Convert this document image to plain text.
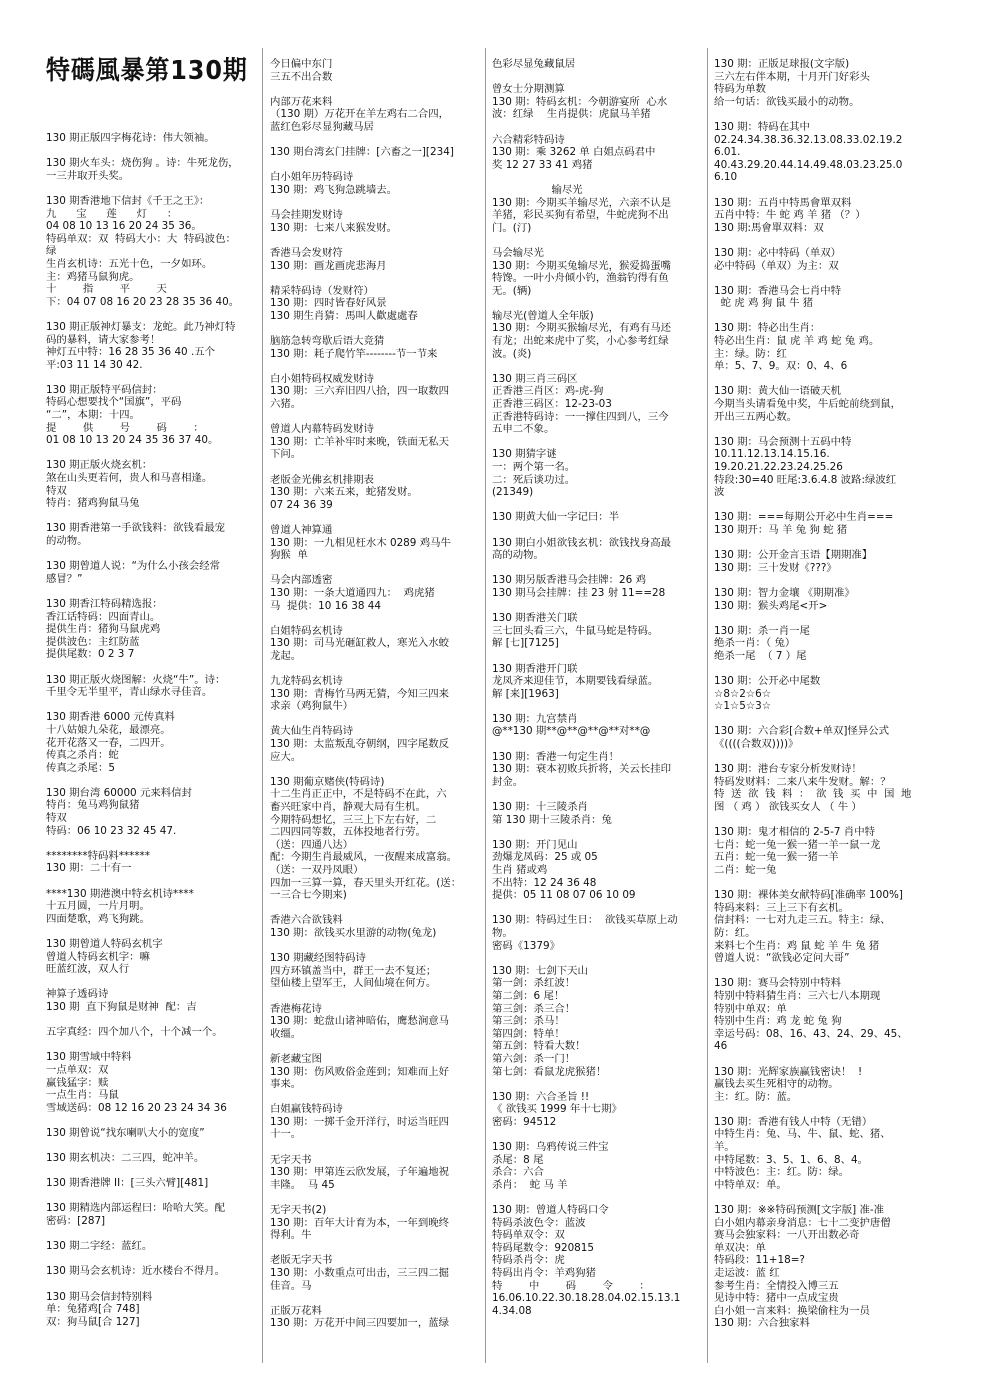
特碼風暴第130期
130 期正版四字梅花诗：伟大领袖。
130 期火车头：烧伤狗 。诗：牛死龙伤，
一三井取开头奖。
130 期香港地下信封《千王之王》：
九      宝      莲      灯      ：
04 08 10 13 16 20 24 35 36。
特码单双：双  特码大小：大  特码波色：
绿
生肖玄机诗：五光十色，一夕如环。
主：鸡猪马鼠狗虎。
十        指        平        天
下：04 07 08 16 20 23 28 35 36 40。
130 期正版神灯暴支：龙蛇。此乃神灯特
码的暴料，请大家参考！
神灯五中特：16 28 35 36 40 .五个
平:03 11 14 30 42.
130 期正版特平码信封：
特码心想要找个“国旗”，平码
“二”，本期：十四。
提        供        号        码        ：
01 08 10 13 20 24 35 36 37 40。
130 期正版火烧玄机：
煞在山头更若何，贵人和马喜相逢。
特双
特肖：猪鸡狗鼠马兔
130 期香港第一手欲钱料：欲钱看最宠
的动物。
130 期曾道人说：“为什么小孩会经常
感冒？”
130 期香江特码精选报：
香江话特码：四面青山。
提供生肖：猪狗马鼠虎鸡
提供波色：主红防蓝
提供尾数：0 2 3 7
130 期正版火烧图解：火烧“牛”。诗：
千里令无半里平，青山绿水寻佳音。
130 期香港 6000 元传真料
十八姑娘九朵花，最漂亮。
花开花落又一春，二四开。
传真之杀肖：蛇
传真之杀尾：5
130 期台湾 60000 元来料信封
特肖：兔马鸡狗鼠猪
特双
特码：06 10 23 32 45 47.
********特码料******
130 期：二十有一
****130 期港澳中特玄机诗****
十五月圆，一片月明。
四面楚歌，鸡飞狗跳。
130 期曾道人特码玄机字
曾道人特码玄机字：嘛
旺蓝红波，双人行
神算子透码诗
130 期  直下狗鼠是财神  配：吉
五字真经：四个加八个，十个减一个。
130 期雪域中特料
一点单双：双
赢钱猛字：赎
一点生肖：马鼠
雪域送码：08 12 16 20 23 24 34 36
130 期曾说“找东喇叭大小的宽度”
130 期玄机决：二三四，蛇冲羊。
130 期香港牌 II：[三头六臂][481]
130 期精选内部运程曰：哈哈大笑。配
密码：[287]
130 期二字经：蓝红。
130 期马会玄机诗：近水楼台不得月。
130 期马会信封特别料
单：兔猪鸡[合 748]
双：狗马鼠[合 127]
今日偏中东门
三五不出合数
内部万花来料
（130 期）万花开在羊左鸡右二合四，
蓝红色彩尽显狗藏马居
130 期台湾玄门挂牌：[六畜之一][234]
白小姐年历特码诗
130 期：鸡飞狗急跳墙去。
马会挂期发财诗
130 期：七来八来猴发财。
香港马会发财符
130 期：画龙画虎悲海月
精采特码诗（发财符）
130 期：四时皆春好风景
130 期生肖猜：馬叫人歡處處春
脑筋急转弯歇后语大竞猜
130 期：耗子爬竹竿--------节一节来
白小姐特码权威发财诗
130 期：三六弃旧四八拾，四一取数四
六猪。
曾道人内幕特码发财诗
130 期：亡羊补牢时来晚，铁面无私天
下问。
老版金光佛玄机排期表
130 期：六来五来，蛇猪发财。
07 24 36 39
曾道人神算通
130 期：一九相见枉水木 0289 鸡马牛
狗猴  单
马会内部透密
130 期：一条大道通四九：  鸡虎猪
马  提供：10 16 38 44
白姐特码玄机诗
130 期：司马光砸缸救人，寒光入水蛟
龙起。
九龙特码玄机诗
130 期：青梅竹马两无猜，今知三四来
求亲（鸡狗鼠牛）
黄大仙生肖特码诗
130 期：太监叛乱夺朝纲，四字尾数反
应大。
130 期葡京赌侠(特码诗)
十二生肖正正中，不是特码不在此，六
畜兴旺家中肖，静观大局有生机。
今期特码想忆，三三上下左右好，二
二四四同等数，五体投地者行劳。
（送：四通八达）
配：今期生肖最威风，一夜醒来成富翁。
（送：一双丹凤眼）
四加一三算一算，春天里头开红花。(送：
一三合七今期来)
香港六合欲钱料
130 期：欲钱买水里游的动物(兔龙)
130 期藏经图特码诗
四方环镇盖当中，群王一去不复还；
望仙楼上望军王，人间仙境在何方。
香港梅花诗
130 期：蛇盘山诸神暗佑，鹰愁涧意马
收缰。
新老藏宝图
130 期：伤风败俗金莲到；知难而上好
事来。
白姐赢钱特码诗
130 期：一掷千金开洋行，时运当旺四
十一。
无字天书
130 期：甲第连云欣发展，子年遍地祝
丰隆。  马 45
无字天书(2)
130 期：百年大计育为本，一年到晚终
得利。牛
老版无字天书
130 期：小数重点可出击，三三四二掘
佳音。马
正版万花料
130 期：万花开中间三四要加一，蓝绿
色彩尽显兔藏鼠居
曾女士分期测算
130 期：特码玄机：今朝游宴所  心水
波：红绿    生肖提供：虎鼠马羊猪
六合精彩特码诗
130 期：乘 3262 单 白姐点码君中
奖 12 27 33 41 鸡猪
输尽光
130 期：今期买羊输尽光，六亲不认是
羊猪，彩民买狗有希望，牛蛇虎狗不出
门。(汀)
马会输尽光
130 期：今期买兔输尽光，猴爱捣蛋嘴
特馋。一叶小舟倾小钓，渔翁钓得有鱼
无。(辆)
输尽光(曾道人全年版)
130 期：今期买猴输尽光，有鸡有马还
有龙；出蛇来虎中了奖，小心参考红绿
波。(炎)
130 期三肖三码区
正香港三肖区：鸡-虎-狗
正香港三码区：12-23-03
正香港特码诗：一一撑住四到八，三今
五申二不象。
130 期猜字谜
一：两个第一名。
二：死后谈功过。
(21349)
130 期黄大仙一字记曰：半
130 期白小姐欲钱玄机：欲钱找身高最
高的动物。
130 期另版香港马会挂牌：26 鸡
130 期马会挂牌：挂 23 射 11==28
130 期香港关门联
三七回头看三六，牛鼠马蛇是特码。
解 [七][7125]
130 期香港开门联
龙凤齐来迎佳节，本期要钱看绿蓝。
解 [来][1963]
130 期：九宫禁肖
@**130 期**@**@**@**对**@
130 期：香港一句定生肖！
130 期：衰本初败兵折将，关云长挂印
封金。
130 期：十三陵杀肖
第 130 期十三陵杀肖：兔
130 期：开门见山
劲爆龙凤码：25 或 05
生肖 猪或鸡
不出特：12 24 36 48
提供：05 11 08 07 06 10 09
130 期：特码过生日：  欲钱买草原上动
物。
密码《1379》
130 期：七剑下天山
第一剑：杀红波！
第二剑：6 尾！
第三剑：杀三合！
第三剑：杀马！
第四剑：特单！
第五剑：特看大数！
第六剑：杀一门！
第七剑：看鼠龙虎猴猪！
130 期：六合圣旨 !!
《 欲钱买 1999 年十七期》
密码：94512
130 期：乌鸦传说三件宝
杀尾：8 尾
杀合：六合
杀肖：  蛇 马 羊
130 期：曾道人特码口令
特码杀波色令：蓝波
特码单双令：双
特码尾数令：920815
特码杀肖令：虎
特码出肖令：羊鸡狗猪
特        中        码        令        ：
16.06.10.22.30.18.28.04.02.15.13.1
4.34.08
130 期：正版足球报(文字版)
三六左右伴本期，十月开门好彩头
特码为单数
给一句话：欲钱买最小的动物。
130 期：特码在其中
02.24.34.38.36.32.13.08.33.02.19.2
6.01.
40.43.29.20.44.14.49.48.03.23.25.0
6.10
130 期：五肖中特馬會單双料
五肖中特：牛 蛇 鸡 羊 猪 （？）
130 期:馬會單双料：双
130 期：必中特码（单双）
必中特码（单双）为主：双
130 期：香港马会七肖中特
蛇 虎 鸡 狗 鼠 牛 猪
130 期：特必出生肖：
特必出生肖：鼠 虎 羊 鸡 蛇 兔 鸡。
主：绿。防：红
单：5、7、9。双：0、4、6
130 期：黄大仙一语破天机
今期当头请看兔中奖，牛后蛇前绕到鼠，
开出三五两心数。
130 期：马会预测十五码中特
10.11.12.13.14.15.16.
19.20.21.22.23.24.25.26
特段:30=40 旺尾:3.6.4.8 波路:绿波红
波
130 期：===每期公开必中生肖===
130 期开：马 羊 兔 狗 蛇 猪
130 期：公开金言玉语【期期准】
130 期：三十发财《???》
130 期：智力金壤 《期期准》
130 期：猴头鸡尾<开>
130 期：杀一肖一尾
绝杀一肖：（ 兔）
绝杀一尾  （ 7 ）尾
130 期：公开必中尾数
☆8☆2☆6☆
☆1☆5☆3☆
130 期：六合彩[合数+单双]怪异公式
《((((合数双))))》
130 期：港台专家分析发财诗！
特码发财料：二来八来牛发财。解：？
特  送  欲  钱  料  ：  欲  钱  买  中  国  地
图 （ 鸡 ） 欲钱买女人 （ 牛 ）
130 期：鬼才相信的 2-5-7 肖中特
七肖：蛇一兔一猴一猪一羊一鼠一龙
五肖：蛇一兔一猴一猪一羊
二肖：蛇一兔
130 期：裸体美女献特码[准确率 100%]
特码来料：三上三下有玄机。
信封料：一七对九走三五。特主：绿、
防：红。
来料七个生肖：鸡 鼠 蛇 羊 牛 兔 猪
曾道人说：“欲钱必定问大哥”
130 期：赛马会特别中特料
特别中特料猜生肖：三六七八本期现
特别中单双：单
特别中生肖：鸡 龙 蛇 兔 狗
幸运号码：08、16、43、24、29、45、
46
130 期：光辉家族赢钱密诀！  !
赢钱去买生死相守的动物。
主：红。防：蓝。
130 期：香港有钱人中特（无错）
中特生肖：兔、马、牛、鼠、蛇、猪、
羊。
中特尾数：3、5、1、6、8、4。
中特波色：主：红。防：绿。
中特单双：单。
130 期：※※特码预测[文字版] 准-准
白小姐内幕亲身消息：七十二变护唐僧
赛马会独家料：一八开出数必奇
单双决：单
特码段：11+18=?
走运波：蓝 红
参考生肖：全情投入博三五
见诗中特：猪中一点成宝贵
白小姐一言来料：换梁偷柱为一员
130 期：六合独家料
